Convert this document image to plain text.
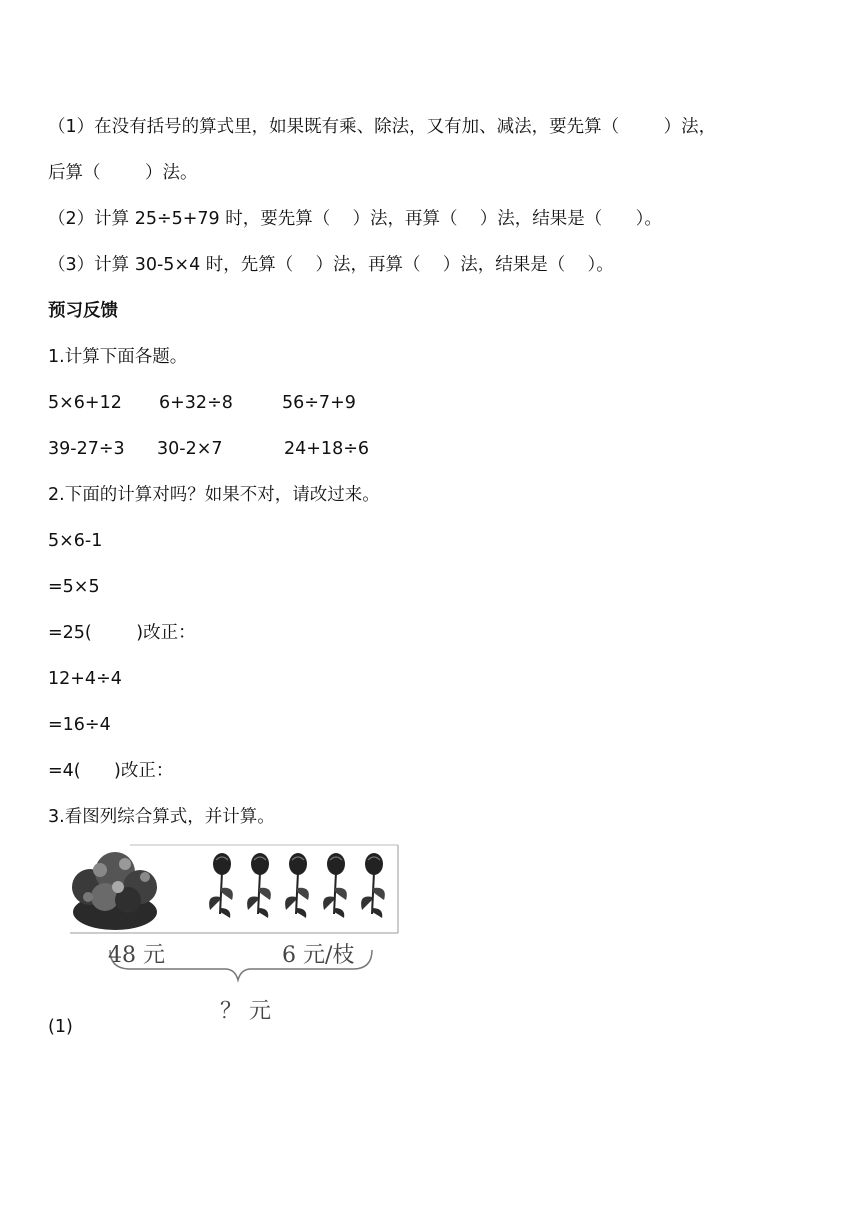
（1）在没有括号的算式里，如果既有乘、除法，又有加、减法，要先算（        ）法，
后算（        ）法。
（2）计算 25÷5+79 时，要先算（    ）法，再算（    ）法，结果是（      ）。
（3）计算 30-5×4 时，先算（    ）法，再算（    ）法，结果是（    ）。
预习反馈
1.计算下面各题。
5×6+12 6+32÷8	56÷7+9
39-27÷3 30-2×7	24+18÷6
2.下面的计算对吗？如果不对，请改过来。
5×6-1
=5×5
=25(        )改正：
12+4÷4
=16÷4
=4(      )改正：
3.看图列综合算式，并计算。
48 元	6 元/枝
？ 元
(1)
